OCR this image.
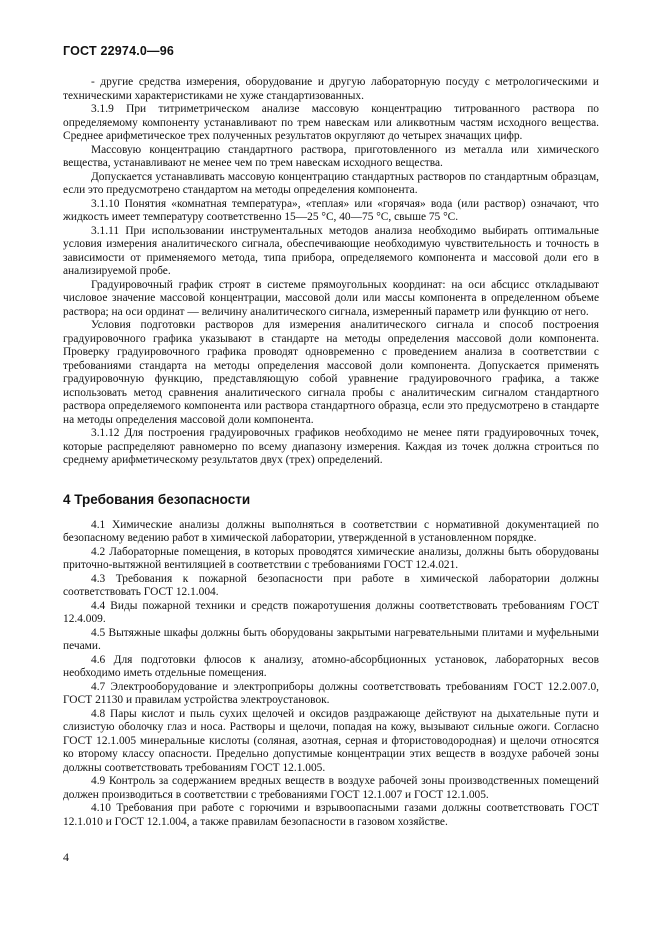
ГОСТ 22974.0—96

- другие средства измерения, оборудование и другую лабораторную посуду с метрологическими и техническими характеристиками не хуже стандартизованных.

3.1.9 При титриметрическом анализе массовую концентрацию титрованного раствора по определяемому компоненту устанавливают по трем навескам или аликвотным частям исходного вещества. Среднее арифметическое трех полученных результатов округляют до четырех значащих цифр.

Массовую концентрацию стандартного раствора, приготовленного из металла или химического вещества, устанавливают не менее чем по трем навескам исходного вещества.

Допускается устанавливать массовую концентрацию стандартных растворов по стандартным образцам, если это предусмотрено стандартом на методы определения компонента.

3.1.10 Понятия «комнатная температура», «теплая» или «горячая» вода (или раствор) означают, что жидкость имеет температуру соответственно 15—25 °С, 40—75 °С, свыше 75 °С.

3.1.11 При использовании инструментальных методов анализа необходимо выбирать оптимальные условия измерения аналитического сигнала, обеспечивающие необходимую чувствительность и точность в зависимости от применяемого метода, типа прибора, определяемого компонента и массовой доли его в анализируемой пробе.

Градуировочный график строят в системе прямоугольных координат: на оси абсцисс откладывают числовое значение массовой концентрации, массовой доли или массы компонента в определенном объеме раствора; на оси ординат — величину аналитического сигнала, измеренный параметр или функцию от него.

Условия подготовки растворов для измерения аналитического сигнала и способ построения градуировочного графика указывают в стандарте на методы определения массовой доли компонента. Проверку градуировочного графика проводят одновременно с проведением анализа в соответствии с требованиями стандарта на методы определения массовой доли компонента. Допускается применять градуировочную функцию, представляющую собой уравнение градуировочного графика, а также использовать метод сравнения аналитического сигнала пробы с аналитическим сигналом стандартного раствора определяемого компонента или раствора стандартного образца, если это предусмотрено в стандарте на методы определения массовой доли компонента.

3.1.12 Для построения градуировочных графиков необходимо не менее пяти градуировочных точек, которые распределяют равномерно по всему диапазону измерения. Каждая из точек должна строиться по среднему арифметическому результатов двух (трех) определений.

4 Требования безопасности

4.1 Химические анализы должны выполняться в соответствии с нормативной документацией по безопасному ведению работ в химической лаборатории, утвержденной в установленном порядке.

4.2 Лабораторные помещения, в которых проводятся химические анализы, должны быть оборудованы приточно-вытяжной вентиляцией в соответствии с требованиями ГОСТ 12.4.021.

4.3 Требования к пожарной безопасности при работе в химической лаборатории должны соответствовать ГОСТ 12.1.004.

4.4 Виды пожарной техники и средств пожаротушения должны соответствовать требованиям ГОСТ 12.4.009.

4.5 Вытяжные шкафы должны быть оборудованы закрытыми нагревательными плитами и муфельными печами.

4.6 Для подготовки флюсов к анализу, атомно-абсорбционных установок, лабораторных весов необходимо иметь отдельные помещения.

4.7 Электрооборудование и электроприборы должны соответствовать требованиям ГОСТ 12.2.007.0, ГОСТ 21130 и правилам устройства электроустановок.

4.8 Пары кислот и пыль сухих щелочей и оксидов раздражающе действуют на дыхательные пути и слизистую оболочку глаз и носа. Растворы и щелочи, попадая на кожу, вызывают сильные ожоги. Согласно ГОСТ 12.1.005 минеральные кислоты (соляная, азотная, серная и фтористоводородная) и щелочи относятся ко второму классу опасности. Предельно допустимые концентрации этих веществ в воздухе рабочей зоны должны соответствовать требованиям ГОСТ 12.1.005.

4.9 Контроль за содержанием вредных веществ в воздухе рабочей зоны производственных помещений должен производиться в соответствии с требованиями ГОСТ 12.1.007 и ГОСТ 12.1.005.

4.10 Требования при работе с горючими и взрывоопасными газами должны соответствовать ГОСТ 12.1.010 и ГОСТ 12.1.004, а также правилам безопасности в газовом хозяйстве.

4
